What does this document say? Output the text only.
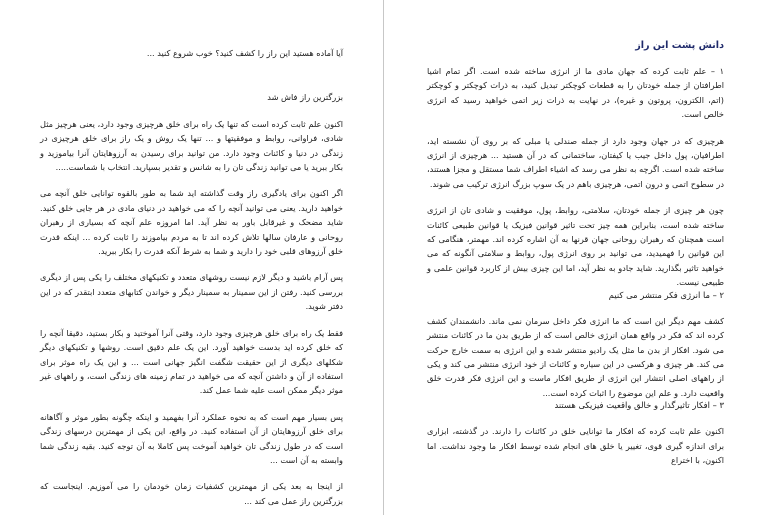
آیا آماده هستید این راز را کشف کنید؟ خوب شروع کنید ...

بزرگترین راز فاش شد

اکنون علم ثابت کرده است که تنها یک راه برای خلق هرچیزی وجود دارد، یعنی هرچیز مثل شادی، فراوانی، روابط و موفقیتها و ... تنها یک روش و یک راز برای خلق هرچیزی در زندگی در دنیا و کائنات وجود دارد. من توانید برای رسیدن به آرزوهایتان آنرا بیاموزید و بکار ببرید یا می توانید زندگی تان را به شانس و تقدیر بسپارید. انتخاب با شماست.....

اگر اکنون برای یادگیری راز وقت گذاشته اید شما به طور بالقوه توانایی خلق آنچه می خواهید دارید. یعنی می توانید آنچه را که می خواهید در دنیای مادی در هر جایی خلق کنید. شاید مضحک و غیرقابل باور به نظر آید. اما امروزه علم آنچه که بسیاری از رهبران روحانی و عارفان سالها تلاش کرده اند تا به مردم بیاموزند را ثابت کرده ... اینکه قدرت خلق آرزوهای قلبی خود را دارید و شما به شرط آنکه قدرت را بکار ببرید.

پس آرام باشید و دیگر لازم نیست روشهای متعدد و تکنیکهای مختلف را یکی پس از دیگری بررسی کنید. رفتن از این سمینار به سمینار دیگر و خواندن کتابهای متعدد ابتقدر که در این دفتر شوید.

فقط یک راه برای خلق هرچیزی وجود دارد، وقتی آنرا آموختید و بکار بستید، دقیقا آنچه را که خلق کرده اید بدست خواهید آورد. این یک علم دقیق است. روشها و تکنیکهای دیگر شکلهای دیگری از این حقیقت شگفت انگیز جهانی است ... و این یک راه موثر برای استفاده از آن و داشتن آنچه که می خواهید در تمام زمینه های زندگی است، و راههای غیر موثر دیگر ممکن است علیه شما عمل کند.

پس بسیار مهم است که به نحوه عملکرد آنرا بفهمید و اینکه چگونه بطور موثر و آگاهانه برای خلق آرزوهایتان از آن استفاده کنید. در واقع، این یکی از مهمترین درسهای زندگی است که در طول زندگی تان خواهید آموخت پس کاملا به آن توجه کنید. بقیه زندگی شما وابسته به آن است ...

از اینجا به بعد یکی از مهمترین کشفیات زمان خودمان را می آموزیم. اینجاست که بزرگترین راز عمل می کند ...

دانش پشت این راز

۱ – علم ثابت کرده که جهان مادی ما از انرژی ساخته شده است. اگر تمام اشیا اطرافتان از جمله خودتان را به قطعات کوچکتر تبدیل کنید، به ذرات کوچکتر و کوچکتر (اتم، الکترون، پروتون و غیره)، در نهایت به ذرات زیر اتمی خواهید رسید که انرژی خالص است.

هرچیزی که در جهان وجود دارد از جمله صندلی یا مبلی که بر روی آن نشسته اید، اطرافیان، پول داخل جیب یا کیفتان، ساختمانی که در آن هستید ... هرچیزی از انرژی ساخته شده است. اگرچه به نظر می رسد که اشیاء اطراف شما مستقل و مجزا هستند، در سطوح اتمی و درون اتمی، هرچیزی باهم در یک سوپ بزرگ انرژی ترکیب می شوند.

چون هر چیزی از جمله خودتان، سلامتی، روابط، پول، موفقیت و شادی تان از انرژی ساخته شده است، بنابراین همه چیز تحت تاثیر قوانین فیزیک یا قوانین طبیعی کائنات است همچنان که رهبران روحانی جهان قرنها به آن اشاره کرده اند. مهمتر، هنگامی که این قوانین را فهمیدید، می توانید بر روی انرژی پول، روابط و سلامتی آنگونه که می خواهید تاثیر بگذارید. شاید جادو به نظر آید، اما این چیزی بیش از کاربرد قوانین علمی و طبیعی نیست.

۲ – ما انرژی فکر منتشر می کنیم

کشف مهم دیگر این است که ما انرژی فکر داخل سرمان نمی ماند. دانشمندان کشف کرده اند که فکر در واقع همان انرژی خالص است که از طریق بدن ما در کائنات منتشر می شود. افکار از بدن ما مثل یک رادیو منتشر شده و این انرژی به سمت خارج حرکت می کند. هر چیزی و هرکسی در این سیاره و کائنات از خود انرژی منتشر می کند و یکی از راههای اصلی انتشار این انرژی از طریق افکار ماست و این انرژی فکر قدرت خلق واقعیت دارد. و علم این موضوع را اثبات کرده است...

۳ – افکار تاثیرگذار و خالق واقعیت فیزیکی هستند

اکنون علم ثابت کرده که افکار ما توانایی خلق در کائنات را دارند. در گذشته، ابزاری برای اندازه گیری قوی، تغییر یا خلق های انجام شده توسط افکار ما وجود نداشت. اما اکنون، با اختراع
